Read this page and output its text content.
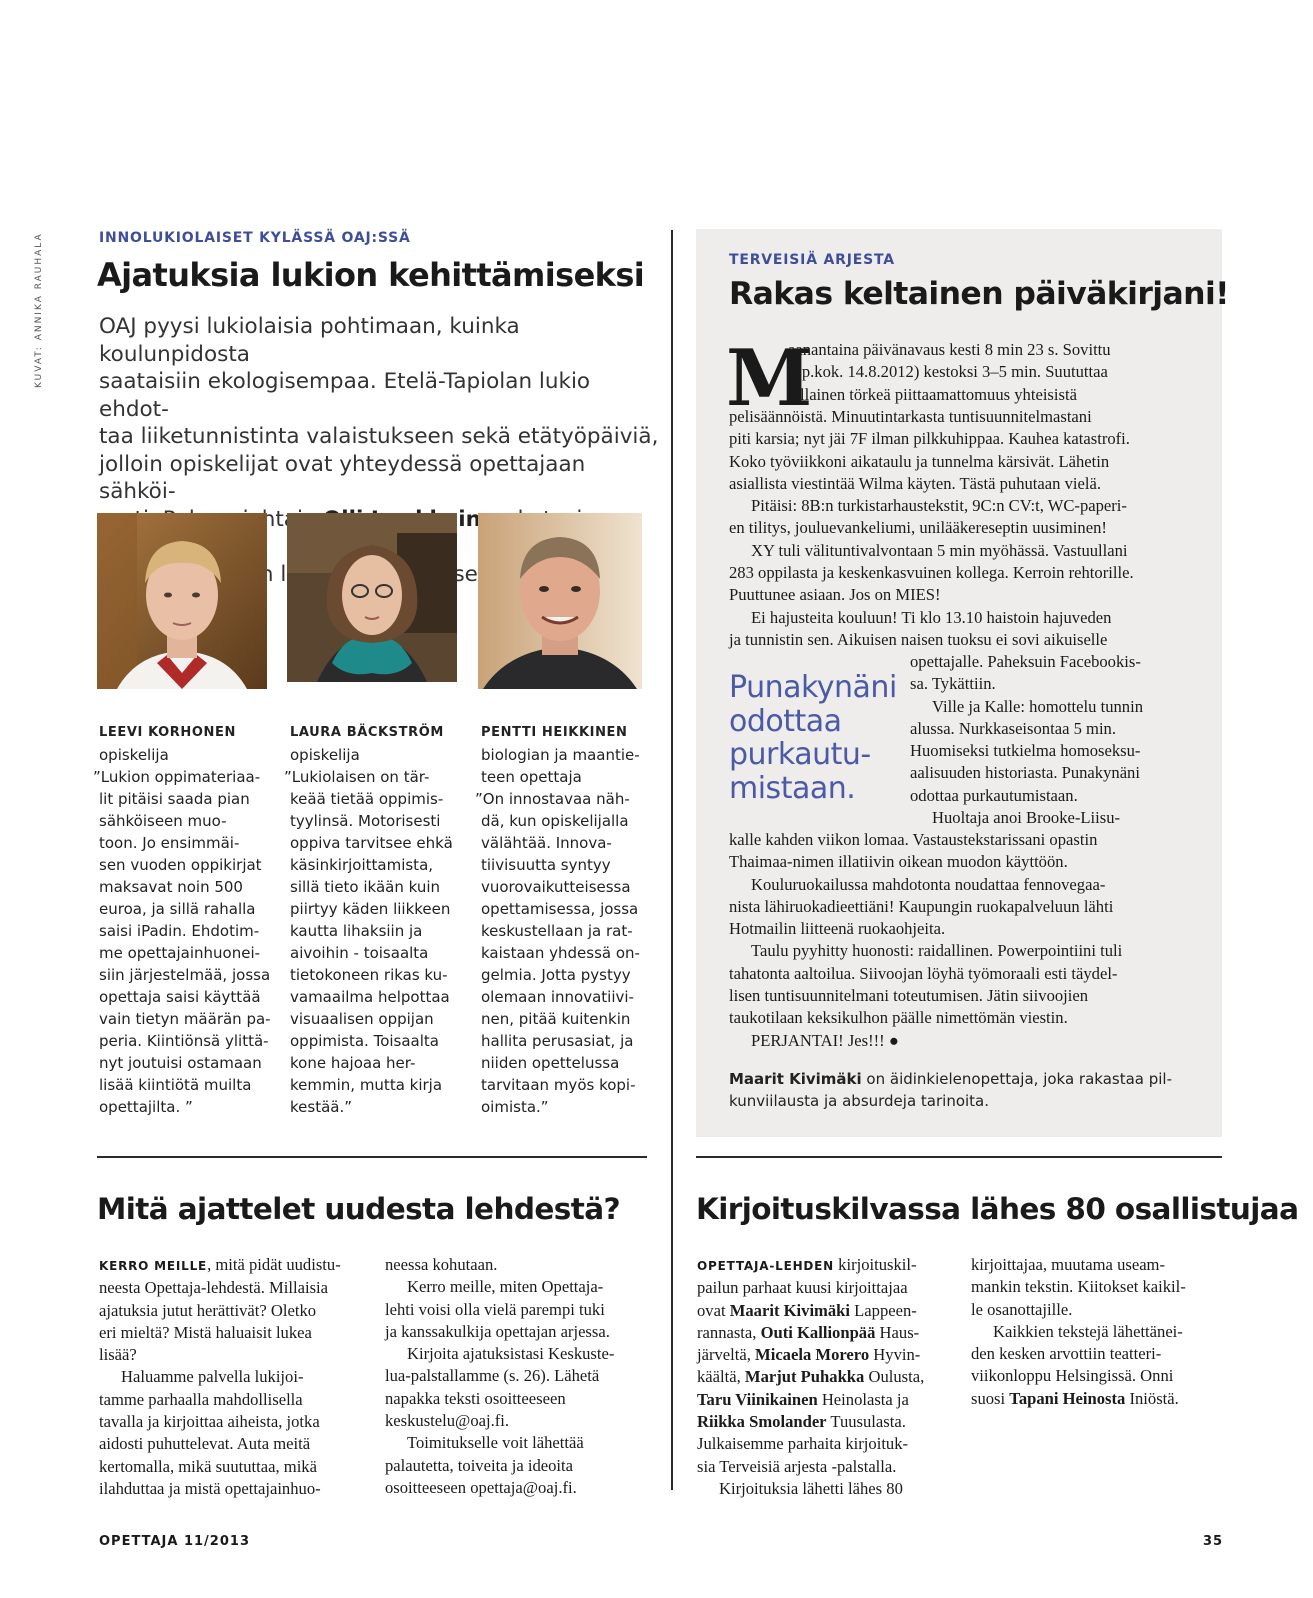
KUVAT: ANNIKA RAUHALA	INNOLUKIOLAISET KYLÄSSÄ OAJ:SSÄ
Ajatuksia lukion kehittämiseksi
OAJ pyysi lukiolaisia pohtimaan, kuinka koulunpidosta
saataisiin ekologisempaa. Etelä-Tapiolan lukio ehdot-
taa liiketunnistinta valaistukseen sekä etätyöpäiviä,
jolloin opiskelijat ovat yhteydessä opettajaan sähköi-
LEEVI KORHONEN
opiskelija
”Lukion oppimateriaa-
lit pitäisi saada pian
sähköiseen muo-
toon. Jo ensimmäi-
sen vuoden oppikirjat
maksavat noin 500
euroa, ja sillä rahalla
saisi iPadin. Ehdotim-
me opettajainhuonei-
siin järjestelmää, jossa
opettaja saisi käyttää
vain tietyn määrän pa-
peria. Kiintiönsä ylittä-
nyt joutuisi ostamaan
lisää kiintiötä muilta
opettajilta. ”
LAURA BÄCKSTRÖM
opiskelija
”Lukiolaisen on tär-
keää tietää oppimis-
tyylinsä. Motorisesti
oppiva tarvitsee ehkä
käsinkirjoittamista,
sillä tieto ikään kuin
piirtyy käden liikkeen
kautta lihaksiin ja
aivoihin - toisaalta
tietokoneen rikas ku-
vamaailma helpottaa
visuaalisen oppijan
oppimista. Toisaalta
kone hajoaa her-
kemmin, mutta kirja
kestää.”
PENTTI HEIKKINEN
biologian ja maantie-
teen opettaja
”On innostavaa näh-
dä, kun opiskelijalla
välähtää. Innova-
tiivisuutta syntyy
vuorovaikutteisessa
opettamisessa, jossa
keskustellaan ja rat-
kaistaan yhdessä on-
gelmia. Jotta pystyy
olemaan innovatiivi-
nen, pitää kuitenkin
hallita perusasiat, ja
niiden opettelussa
tarvitaan myös kopi-
oimista.”
TERVEISIÄ ARJESTA
Rakas keltainen päiväkirjani!
M
aanantaina päivänavaus kesti 8 min 23 s. Sovittu
(op.kok. 14.8.2012) kestoksi 3–5 min. Suututtaa
tällainen törkeä piittaamattomuus yhteisistä
pelisäännöistä. Minuutintarkasta tuntisuunnitelmastani
piti karsia; nyt jäi 7F ilman pilkkuhippaa. Kauhea katastrofi.
Koko työviikkoni aikataulu ja tunnelma kärsivät. Lähetin
asiallista viestintää Wilma käyten. Tästä puhutaan vielä.
Pitäisi: 8B:n turkistarhaustekstit, 9C:n CV:t, WC-paperi-
en tilitys, jouluevankeliumi, unilääkereseptin uusiminen!
XY tuli välituntivalvontaan 5 min myöhässä. Vastuullani
283 oppilasta ja keskenkasvuinen kollega. Kerroin rehtorille.
Puuttunee asiaan. Jos on MIES!
Ei hajusteita kouluun! Ti klo 13.10 haistoin hajuveden
ja tunnistin sen. Aikuisen naisen tuoksu ei sovi aikuiselle
Punakynäni
odottaa
purkautu-
mistaan.
opettajalle. Paheksuin Facebookis-
sa. Tykättiin.
Ville ja Kalle: homottelu tunnin
alussa. Nurkkaseisontaa 5 min.
Huomiseksi tutkielma homoseksu-
aalisuuden historiasta. Punakynäni
odottaa purkautumistaan.
Huoltaja anoi Brooke-Liisu-
kalle kahden viikon lomaa. Vastaustekstarissani opastin
Thaimaa-nimen illatiivin oikean muodon käyttöön.
Kouluruokailussa mahdotonta noudattaa fennovegaa-
nista lähiruokadieettiäni! Kaupungin ruokapalveluun lähti
Hotmailin liitteenä ruokaohjeita.
Taulu pyyhitty huonosti: raidallinen. Powerpointiini tuli
tahatonta aaltoilua. Siivoojan löyhä työmoraali esti täydel-
lisen tuntisuunnitelmani toteutumisen. Jätin siivoojien
taukotilaan keksikulhon päälle nimettömän viestin.
PERJANTAI! Jes!!! ●
Maarit Kivimäki on äidinkielenopettaja, joka rakastaa pil-
kunviilausta ja absurdeja tarinoita.
Mitä ajattelet uudesta lehdestä?
KERRO MEILLE, mitä pidät uudistu-
neesta Opettaja-lehdestä. Millaisia
ajatuksia jutut herättivät? Oletko
eri mieltä? Mistä haluaisit lukea
lisää?
Haluamme palvella lukijoi-
tamme parhaalla mahdollisella
tavalla ja kirjoittaa aiheista, jotka
aidosti puhuttelevat. Auta meitä
kertomalla, mikä suututtaa, mikä
ilahduttaa ja mistä opettajainhuo-
neessa kohutaan.
Kerro meille, miten Opettaja-
lehti voisi olla vielä parempi tuki
ja kanssakulkija opettajan arjessa.
Kirjoita ajatuksistasi Keskuste-
lua-palstallamme (s. 26). Lähetä
napakka teksti osoitteeseen
keskustelu@oaj.fi.
Toimitukselle voit lähettää
palautetta, toiveita ja ideoita
osoitteeseen opettaja@oaj.fi.
Kirjoituskilvassa lähes 80 osallistujaa
OPETTAJA-LEHDEN kirjoituskil-
pailun parhaat kuusi kirjoittajaa
ovat Maarit Kivimäki Lappeen-
rannasta, Outi Kallionpää Haus-
järveltä, Micaela Morero Hyvin-
käältä, Marjut Puhakka Oulusta,
Taru Viinikainen Heinolasta ja
Riikka Smolander Tuusulasta.
Julkaisemme parhaita kirjoituk-
sia Terveisiä arjesta -palstalla.
Kirjoituksia lähetti lähes 80
kirjoittajaa, muutama useam-
mankin tekstin. Kiitokset kaikil-
le osanottajille.
Kaikkien tekstejä lähettänei-
den kesken arvottiin teatteri-
viikonloppu Helsingissä. Onni
suosi Tapani Heinosta Iniöstä.
OPETTAJA 11/2013	35
